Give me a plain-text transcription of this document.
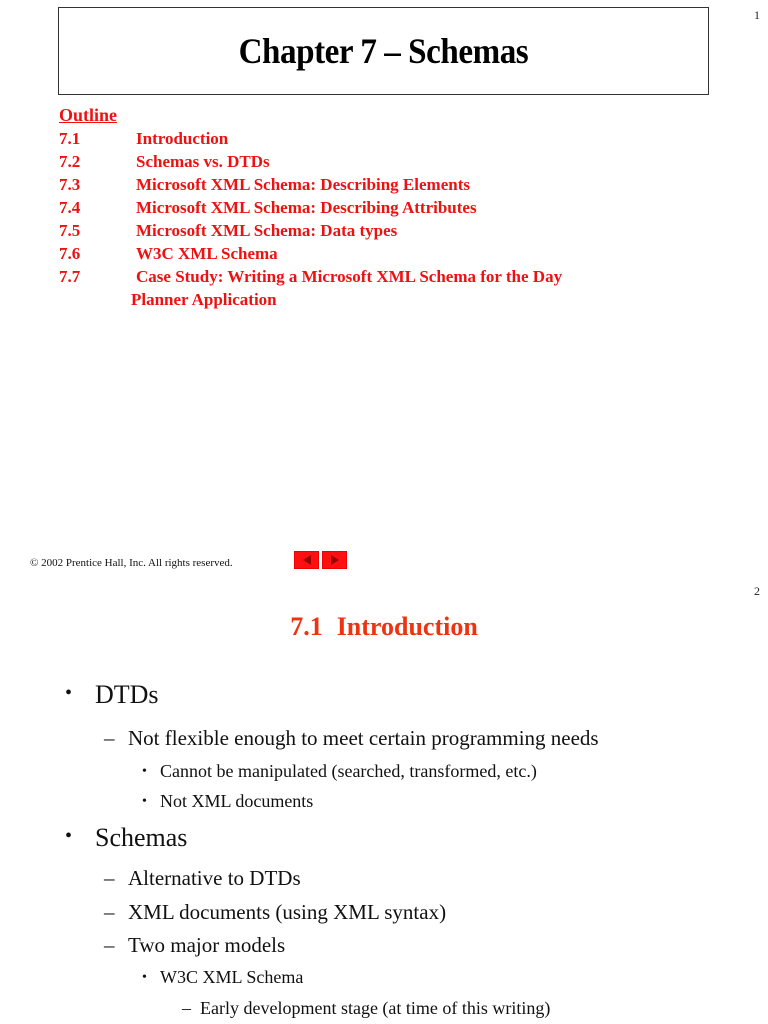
1
Chapter 7 – Schemas
Outline
7.1	Introduction
7.2	Schemas vs. DTDs
7.3	Microsoft XML Schema: Describing Elements
7.4	Microsoft XML Schema: Describing Attributes
7.5	Microsoft XML Schema: Data types
7.6	W3C XML Schema
7.7	Case Study: Writing a Microsoft XML Schema for the Day
Planner Application
© 2002 Prentice Hall, Inc. All rights reserved.
2
7.1 Introduction
• DTDs
– Not flexible enough to meet certain programming needs
• Cannot be manipulated (searched, transformed, etc.)
• Not XML documents
• Schemas
– Alternative to DTDs
– XML documents (using XML syntax)
– Two major models
• W3C XML Schema
– Early development stage (at time of this writing)
